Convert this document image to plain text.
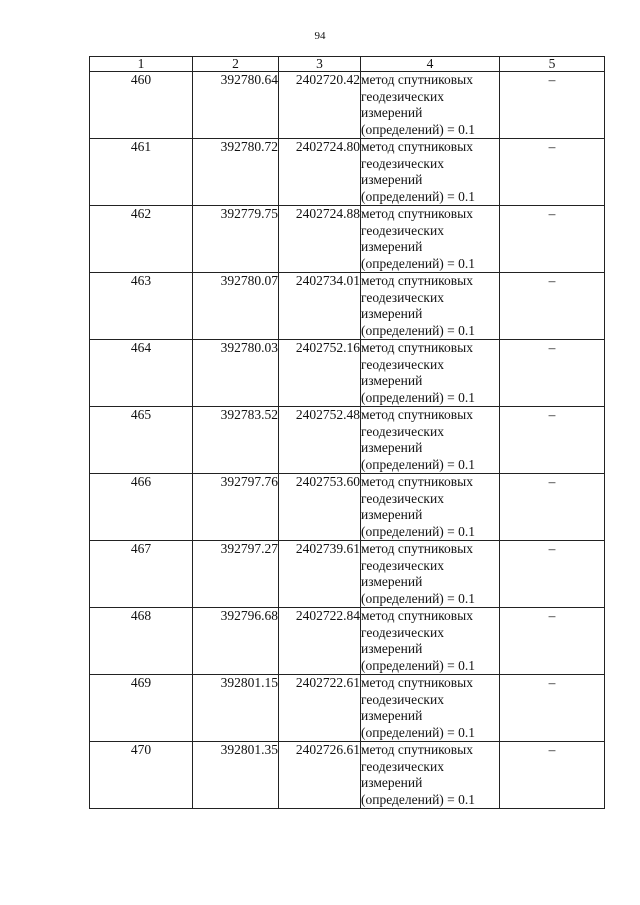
94
1	2	3	4	5
460	392780.64	2402720.42	метод спутниковых
геодезических
измерений
(определений) = 0.1	–
461	392780.72	2402724.80	метод спутниковых
геодезических
измерений
(определений) = 0.1	–
462	392779.75	2402724.88	метод спутниковых
геодезических
измерений
(определений) = 0.1	–
463	392780.07	2402734.01	метод спутниковых
геодезических
измерений
(определений) = 0.1	–
464	392780.03	2402752.16	метод спутниковых
геодезических
измерений
(определений) = 0.1	–
465	392783.52	2402752.48	метод спутниковых
геодезических
измерений
(определений) = 0.1	–
466	392797.76	2402753.60	метод спутниковых
геодезических
измерений
(определений) = 0.1	–
467	392797.27	2402739.61	метод спутниковых
геодезических
измерений
(определений) = 0.1	–
468	392796.68	2402722.84	метод спутниковых
геодезических
измерений
(определений) = 0.1	–
469	392801.15	2402722.61	метод спутниковых
геодезических
измерений
(определений) = 0.1	–
470	392801.35	2402726.61	метод спутниковых
геодезических
измерений
(определений) = 0.1	–
